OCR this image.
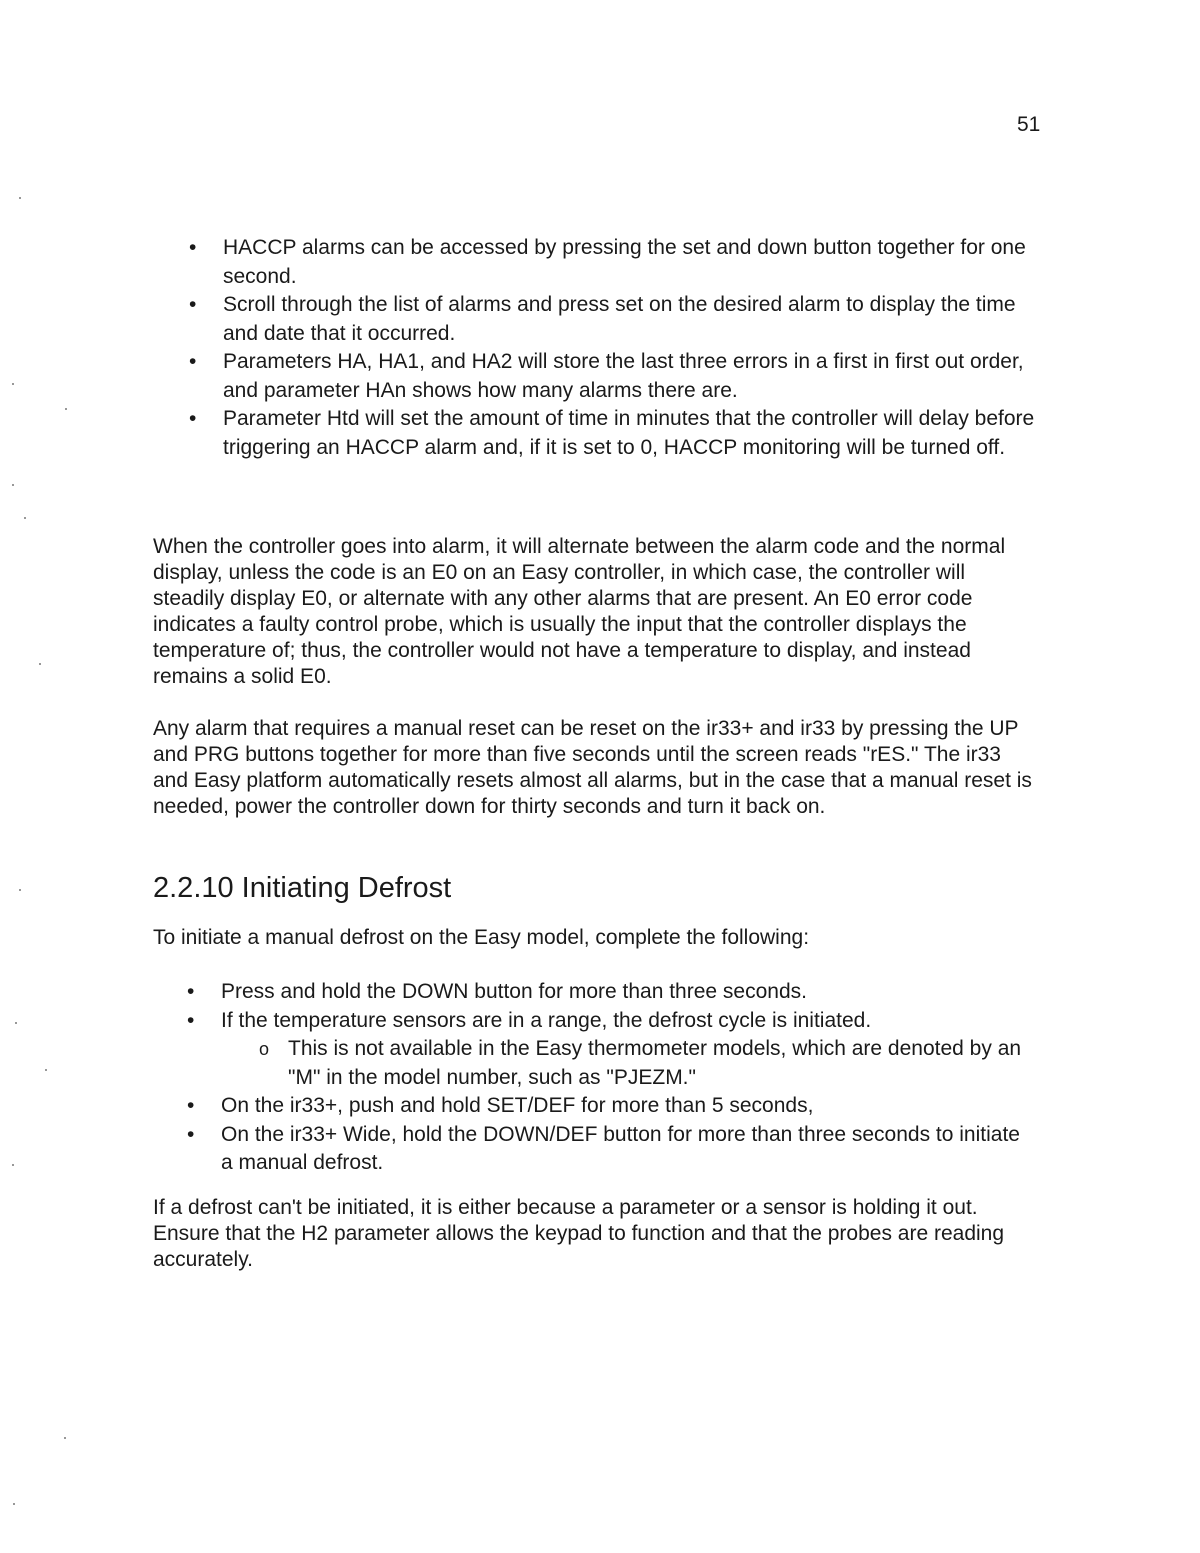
51
• HACCP alarms can be accessed by pressing the set and down button together for one second.
• Scroll through the list of alarms and press set on the desired alarm to display the time and date that it occurred.
• Parameters HA, HA1, and HA2 will store the last three errors in a first in first out order, and parameter HAn shows how many alarms there are.
• Parameter Htd will set the amount of time in minutes that the controller will delay before triggering an HACCP alarm and, if it is set to 0, HACCP monitoring will be turned off.

When the controller goes into alarm, it will alternate between the alarm code and the normal display, unless the code is an E0 on an Easy controller, in which case, the controller will steadily display E0, or alternate with any other alarms that are present. An E0 error code indicates a faulty control probe, which is usually the input that the controller displays the temperature of; thus, the controller would not have a temperature to display, and instead remains a solid E0.

Any alarm that requires a manual reset can be reset on the ir33+ and ir33 by pressing the UP and PRG buttons together for more than five seconds until the screen reads "rES." The ir33 and Easy platform automatically resets almost all alarms, but in the case that a manual reset is needed, power the controller down for thirty seconds and turn it back on.

2.2.10 Initiating Defrost

To initiate a manual defrost on the Easy model, complete the following:

• Press and hold the DOWN button for more than three seconds.
• If the temperature sensors are in a range, the defrost cycle is initiated.
o This is not available in the Easy thermometer models, which are denoted by an "M" in the model number, such as "PJEZM."
• On the ir33+, push and hold SET/DEF for more than 5 seconds,
• On the ir33+ Wide, hold the DOWN/DEF button for more than three seconds to initiate a manual defrost.

If a defrost can't be initiated, it is either because a parameter or a sensor is holding it out. Ensure that the H2 parameter allows the keypad to function and that the probes are reading accurately.
